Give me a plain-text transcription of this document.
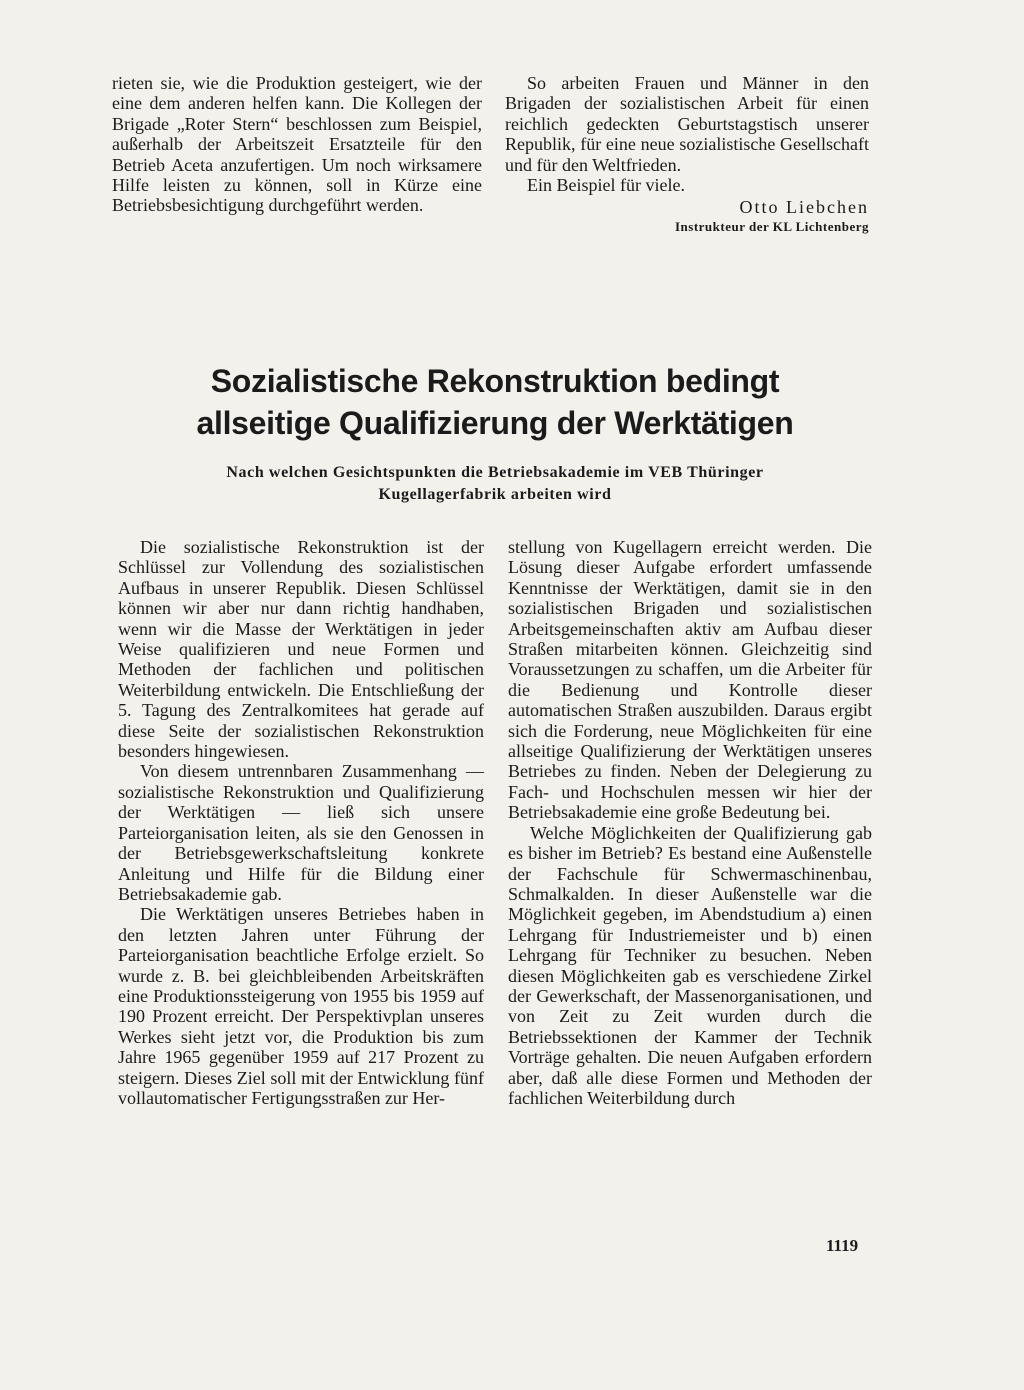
rieten sie, wie die Produktion gesteigert, wie der eine dem anderen helfen kann. Die Kollegen der Brigade „Roter Stern“ beschlossen zum Beispiel, außerhalb der Arbeitszeit Ersatzteile für den Betrieb Aceta anzufertigen. Um noch wirksamere Hilfe leisten zu können, soll in Kürze eine Betriebsbesichtigung durchgeführt werden.

So arbeiten Frauen und Männer in den Brigaden der sozialistischen Arbeit für einen reichlich gedeckten Geburtstagstisch unserer Republik, für eine neue sozialistische Gesellschaft und für den Weltfrieden.

Ein Beispiel für viele.

Otto Liebchen
Instrukteur der KL Lichtenberg
Sozialistische Rekonstruktion bedingt
allseitige Qualifizierung der Werktätigen
Nach welchen Gesichtspunkten die Betriebsakademie im VEB Thüringer
Kugellagerfabrik arbeiten wird

Die sozialistische Rekonstruktion ist der Schlüssel zur Vollendung des sozialistischen Aufbaus in unserer Republik. Diesen Schlüssel können wir aber nur dann richtig handhaben, wenn wir die Masse der Werktätigen in jeder Weise qualifizieren und neue Formen und Methoden der fachlichen und politischen Weiterbildung entwickeln. Die Entschließung der 5. Tagung des Zentralkomitees hat gerade auf diese Seite der sozialistischen Rekonstruktion besonders hingewiesen.

Von diesem untrennbaren Zusammenhang — sozialistische Rekonstruktion und Qualifizierung der Werktätigen — ließ sich unsere Parteiorganisation leiten, als sie den Genossen in der Betriebsgewerkschaftsleitung konkrete Anleitung und Hilfe für die Bildung einer Betriebsakademie gab.

Die Werktätigen unseres Betriebes haben in den letzten Jahren unter Führung der Parteiorganisation beachtliche Erfolge erzielt. So wurde z. B. bei gleichbleibenden Arbeitskräften eine Produktionssteigerung von 1955 bis 1959 auf 190 Prozent erreicht. Der Perspektivplan unseres Werkes sieht jetzt vor, die Produktion bis zum Jahre 1965 gegenüber 1959 auf 217 Prozent zu steigern. Dieses Ziel soll mit der Entwicklung fünf vollautomatischer Fertigungsstraßen zur Her-

stellung von Kugellagern erreicht werden. Die Lösung dieser Aufgabe erfordert umfassende Kenntnisse der Werktätigen, damit sie in den sozialistischen Brigaden und sozialistischen Arbeitsgemeinschaften aktiv am Aufbau dieser Straßen mitarbeiten können. Gleichzeitig sind Voraussetzungen zu schaffen, um die Arbeiter für die Bedienung und Kontrolle dieser automatischen Straßen auszubilden. Daraus ergibt sich die Forderung, neue Möglichkeiten für eine allseitige Qualifizierung der Werktätigen unseres Betriebes zu finden. Neben der Delegierung zu Fach- und Hochschulen messen wir hier der Betriebsakademie eine große Bedeutung bei.

Welche Möglichkeiten der Qualifizierung gab es bisher im Betrieb? Es bestand eine Außenstelle der Fachschule für Schwermaschinenbau, Schmalkalden. In dieser Außenstelle war die Möglichkeit gegeben, im Abendstudium a) einen Lehrgang für Industriemeister und b) einen Lehrgang für Techniker zu besuchen. Neben diesen Möglichkeiten gab es verschiedene Zirkel der Gewerkschaft, der Massenorganisationen, und von Zeit zu Zeit wurden durch die Betriebssektionen der Kammer der Technik Vorträge gehalten. Die neuen Aufgaben erfordern aber, daß alle diese Formen und Methoden der fachlichen Weiterbildung durch

1119
